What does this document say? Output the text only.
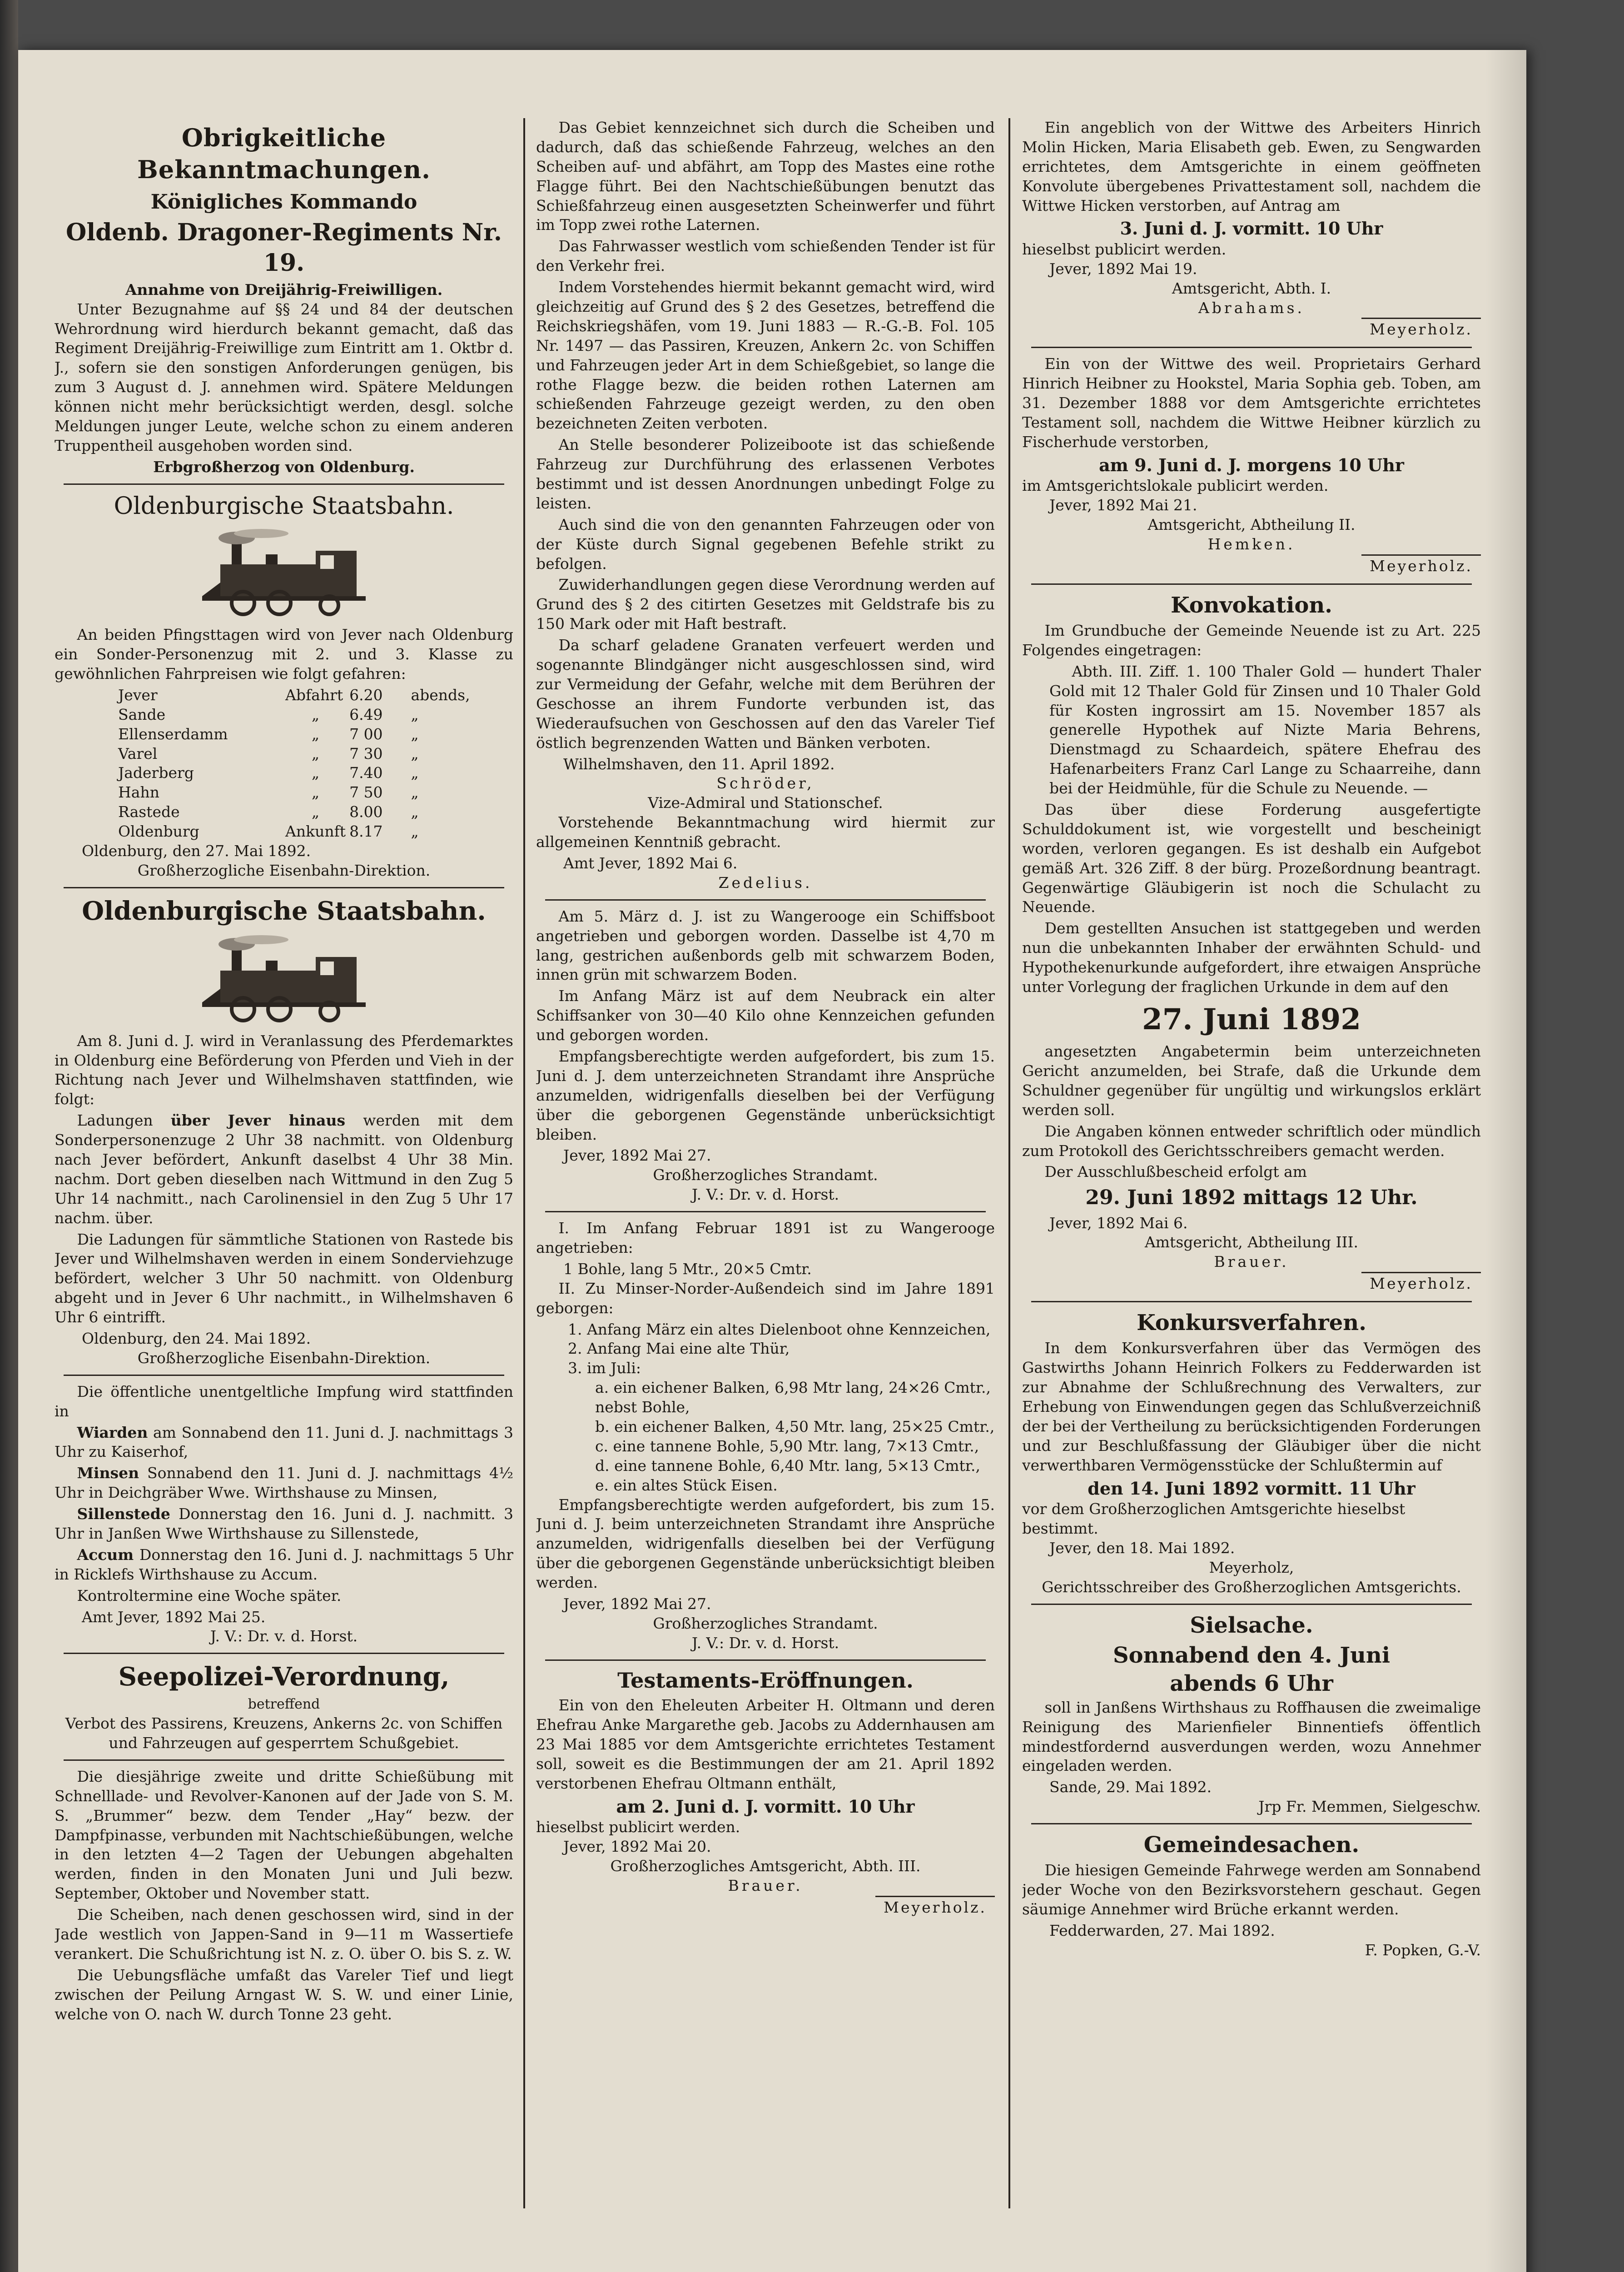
Obrigkeitliche Bekanntmachungen.
Königliches Kommando
Oldenb. Dragoner-Regiments Nr. 19.
Annahme von Dreijährig-Freiwilligen.
Unter Bezugnahme auf §§ 24 und 84 der deutschen Wehrordnung wird hierdurch bekannt gemacht, daß das Regiment Dreijährig-Freiwillige zum Eintritt am 1. Oktbr d. J., sofern sie den sonstigen Anforderungen genügen, bis zum 3 August d. J. annehmen wird. Spätere Meldungen können nicht mehr berücksichtigt werden, desgl. solche Meldungen junger Leute, welche schon zu einem anderen Truppentheil ausgehoben worden sind.
Erbgroßherzog von Oldenburg.
Oldenburgische Staatsbahn.
An beiden Pfingsttagen wird von Jever nach Oldenburg ein Sonder-Personenzug mit 2. und 3. Klasse zu gewöhnlichen Fahrpreisen wie folgt gefahren:
Jever	Abfahrt	6.20	abends,
Sande	„	6.49	„
Ellenserdamm	„	7 00	„
Varel	„	7 30	„
Jaderberg	„	7.40	„
Hahn	„	7 50	„
Rastede	„	8.00	„
Oldenburg	Ankunft	8.17	„
Oldenburg, den 27. Mai 1892.
Großherzogliche Eisenbahn-Direktion.
Oldenburgische Staatsbahn.
Am 8. Juni d. J. wird in Veranlassung des Pferdemarktes in Oldenburg eine Beförderung von Pferden und Vieh in der Richtung nach Jever und Wilhelmshaven stattfinden, wie folgt:
Ladungen über Jever hinaus werden mit dem Sonderpersonenzuge 2 Uhr 38 nachmitt. von Oldenburg nach Jever befördert, Ankunft daselbst 4 Uhr 38 Min. nachm. Dort geben dieselben nach Wittmund in den Zug 5 Uhr 14 nachmitt., nach Carolinensiel in den Zug 5 Uhr 17 nachm. über.
Die Ladungen für sämmtliche Stationen von Rastede bis Jever und Wilhelmshaven werden in einem Sonderviehzuge befördert, welcher 3 Uhr 50 nachmitt. von Oldenburg abgeht und in Jever 6 Uhr nachmitt., in Wilhelmshaven 6 Uhr 6 eintrifft.
Oldenburg, den 24. Mai 1892.
Großherzogliche Eisenbahn-Direktion.
Die öffentliche unentgeltliche Impfung wird stattfinden in
Wiarden am Sonnabend den 11. Juni d. J. nachmittags 3 Uhr zu Kaiserhof,
Minsen Sonnabend den 11. Juni d. J. nachmittags 4½ Uhr in Deichgräber Wwe. Wirthshause zu Minsen,
Sillenstede Donnerstag den 16. Juni d. J. nachmitt. 3 Uhr in Janßen Wwe Wirthshause zu Sillenstede,
Accum Donnerstag den 16. Juni d. J. nachmittags 5 Uhr in Ricklefs Wirthshause zu Accum.
Kontroltermine eine Woche später.
Amt Jever, 1892 Mai 25.
J. V.: Dr. v. d. Horst.
Seepolizei-Verordnung,
betreffend
Verbot des Passirens, Kreuzens, Ankerns 2c. von Schiffen und Fahrzeugen auf gesperrtem Schußgebiet.
Die diesjährige zweite und dritte Schießübung mit Schnelllade- und Revolver-Kanonen auf der Jade von S. M. S. „Brummer“ bezw. dem Tender „Hay“ bezw. der Dampfpinasse, verbunden mit Nachtschießübungen, welche in den letzten 4—2 Tagen der Uebungen abgehalten werden, finden in den Monaten Juni und Juli bezw. September, Oktober und November statt.
Die Scheiben, nach denen geschossen wird, sind in der Jade westlich von Jappen-Sand in 9—11 m Wassertiefe verankert. Die Schußrichtung ist N. z. O. über O. bis S. z. W.
Die Uebungsfläche umfaßt das Vareler Tief und liegt zwischen der Peilung Arngast W. S. W. und einer Linie, welche von O. nach W. durch Tonne 23 geht.
Das Gebiet kennzeichnet sich durch die Scheiben und dadurch, daß das schießende Fahrzeug, welches an den Scheiben auf- und abfährt, am Topp des Mastes eine rothe Flagge führt. Bei den Nachtschießübungen benutzt das Schießfahrzeug einen ausgesetzten Scheinwerfer und führt im Topp zwei rothe Laternen.
Das Fahrwasser westlich vom schießenden Tender ist für den Verkehr frei.
Indem Vorstehendes hiermit bekannt gemacht wird, wird gleichzeitig auf Grund des § 2 des Gesetzes, betreffend die Reichskriegshäfen, vom 19. Juni 1883 — R.-G.-B. Fol. 105 Nr. 1497 — das Passiren, Kreuzen, Ankern 2c. von Schiffen und Fahrzeugen jeder Art in dem Schießgebiet, so lange die rothe Flagge bezw. die beiden rothen Laternen am schießenden Fahrzeuge gezeigt werden, zu den oben bezeichneten Zeiten verboten.
An Stelle besonderer Polizeiboote ist das schießende Fahrzeug zur Durchführung des erlassenen Verbotes bestimmt und ist dessen Anordnungen unbedingt Folge zu leisten.
Auch sind die von den genannten Fahrzeugen oder von der Küste durch Signal gegebenen Befehle strikt zu befolgen.
Zuwiderhandlungen gegen diese Verordnung werden auf Grund des § 2 des citirten Gesetzes mit Geldstrafe bis zu 150 Mark oder mit Haft bestraft.
Da scharf geladene Granaten verfeuert werden und sogenannte Blindgänger nicht ausgeschlossen sind, wird zur Vermeidung der Gefahr, welche mit dem Berühren der Geschosse an ihrem Fundorte verbunden ist, das Wiederaufsuchen von Geschossen auf den das Vareler Tief östlich begrenzenden Watten und Bänken verboten.
Wilhelmshaven, den 11. April 1892.
Schröder,
Vize-Admiral und Stationschef.
Vorstehende Bekanntmachung wird hiermit zur allgemeinen Kenntniß gebracht.
Amt Jever, 1892 Mai 6.
Zedelius.
Am 5. März d. J. ist zu Wangerooge ein Schiffsboot angetrieben und geborgen worden. Dasselbe ist 4,70 m lang, gestrichen außenbords gelb mit schwarzem Boden, innen grün mit schwarzem Boden.
Im Anfang März ist auf dem Neubrack ein alter Schiffsanker von 30—40 Kilo ohne Kennzeichen gefunden und geborgen worden.
Empfangsberechtigte werden aufgefordert, bis zum 15. Juni d. J. dem unterzeichneten Strandamt ihre Ansprüche anzumelden, widrigenfalls dieselben bei der Verfügung über die geborgenen Gegenstände unberücksichtigt bleiben.
Jever, 1892 Mai 27.
Großherzogliches Strandamt.
J. V.: Dr. v. d. Horst.
I. Im Anfang Februar 1891 ist zu Wangerooge angetrieben:
1 Bohle, lang 5 Mtr., 20×5 Cmtr.
II. Zu Minser-Norder-Außendeich sind im Jahre 1891 geborgen:
1. Anfang März ein altes Dielenboot ohne Kennzeichen,
2. Anfang Mai eine alte Thür,
3. im Juli:
a. ein eichener Balken, 6,98 Mtr lang, 24×26 Cmtr., nebst Bohle,
b. ein eichener Balken, 4,50 Mtr. lang, 25×25 Cmtr.,
c. eine tannene Bohle, 5,90 Mtr. lang, 7×13 Cmtr.,
d. eine tannene Bohle, 6,40 Mtr. lang, 5×13 Cmtr.,
e. ein altes Stück Eisen.
Empfangsberechtigte werden aufgefordert, bis zum 15. Juni d. J. beim unterzeichneten Strandamt ihre Ansprüche anzumelden, widrigenfalls dieselben bei der Verfügung über die geborgenen Gegenstände unberücksichtigt bleiben werden.
Jever, 1892 Mai 27.
Großherzogliches Strandamt.
J. V.: Dr. v. d. Horst.
Testaments-Eröffnungen.
Ein von den Eheleuten Arbeiter H. Oltmann und deren Ehefrau Anke Margarethe geb. Jacobs zu Addernhausen am 23 Mai 1885 vor dem Amtsgerichte errichtetes Testament soll, soweit es die Bestimmungen der am 21. April 1892 verstorbenen Ehefrau Oltmann enthält,
am 2. Juni d. J. vormitt. 10 Uhr
hieselbst publicirt werden.
Jever, 1892 Mai 20.
Großherzogliches Amtsgericht, Abth. III.
Brauer.
Meyerholz.
Ein angeblich von der Wittwe des Arbeiters Hinrich Molin Hicken, Maria Elisabeth geb. Ewen, zu Sengwarden errichtetes, dem Amtsgerichte in einem geöffneten Konvolute übergebenes Privattestament soll, nachdem die Wittwe Hicken verstorben, auf Antrag am
3. Juni d. J. vormitt. 10 Uhr
hieselbst publicirt werden.
Jever, 1892 Mai 19.
Amtsgericht, Abth. I.
Abrahams.
Meyerholz.
Ein von der Wittwe des weil. Proprietairs Gerhard Hinrich Heibner zu Hookstel, Maria Sophia geb. Toben, am 31. Dezember 1888 vor dem Amtsgerichte errichtetes Testament soll, nachdem die Wittwe Heibner kürzlich zu Fischerhude verstorben,
am 9. Juni d. J. morgens 10 Uhr
im Amtsgerichtslokale publicirt werden.
Jever, 1892 Mai 21.
Amtsgericht, Abtheilung II.
Hemken.
Meyerholz.
Konvokation.
Im Grundbuche der Gemeinde Neuende ist zu Art. 225 Folgendes eingetragen:
Abth. III. Ziff. 1. 100 Thaler Gold — hundert Thaler Gold mit 12 Thaler Gold für Zinsen und 10 Thaler Gold für Kosten ingrossirt am 15. November 1857 als generelle Hypothek auf Nizte Maria Behrens, Dienstmagd zu Schaardeich, spätere Ehefrau des Hafenarbeiters Franz Carl Lange zu Schaarreihe, dann bei der Heidmühle, für die Schule zu Neuende. —
Das über diese Forderung ausgefertigte Schulddokument ist, wie vorgestellt und bescheinigt worden, verloren gegangen. Es ist deshalb ein Aufgebot gemäß Art. 326 Ziff. 8 der bürg. Prozeßordnung beantragt. Gegenwärtige Gläubigerin ist noch die Schulacht zu Neuende.
Dem gestellten Ansuchen ist stattgegeben und werden nun die unbekannten Inhaber der erwähnten Schuld- und Hypothekenurkunde aufgefordert, ihre etwaigen Ansprüche unter Vorlegung der fraglichen Urkunde in dem auf den
27. Juni 1892
angesetzten Angabetermin beim unterzeichneten Gericht anzumelden, bei Strafe, daß die Urkunde dem Schuldner gegenüber für ungültig und wirkungslos erklärt werden soll.
Die Angaben können entweder schriftlich oder mündlich zum Protokoll des Gerichtsschreibers gemacht werden.
Der Ausschlußbescheid erfolgt am
29. Juni 1892 mittags 12 Uhr.
Jever, 1892 Mai 6.
Amtsgericht, Abtheilung III.
Brauer.
Meyerholz.
Konkursverfahren.
In dem Konkursverfahren über das Vermögen des Gastwirths Johann Heinrich Folkers zu Fedderwarden ist zur Abnahme der Schlußrechnung des Verwalters, zur Erhebung von Einwendungen gegen das Schlußverzeichniß der bei der Vertheilung zu berücksichtigenden Forderungen und zur Beschlußfassung der Gläubiger über die nicht verwerthbaren Vermögensstücke der Schlußtermin auf
den 14. Juni 1892 vormitt. 11 Uhr
vor dem Großherzoglichen Amtsgerichte hieselbst bestimmt.
Jever, den 18. Mai 1892.
Meyerholz,
Gerichtsschreiber des Großherzoglichen Amtsgerichts.
Sielsache.
Sonnabend den 4. Juni
abends 6 Uhr
soll in Janßens Wirthshaus zu Roffhausen die zweimalige Reinigung des Marienfieler Binnentiefs öffentlich mindestfordernd ausverdungen werden, wozu Annehmer eingeladen werden.
Sande, 29. Mai 1892.
Jrp Fr. Memmen, Sielgeschw.
Gemeindesachen.
Die hiesigen Gemeinde Fahrwege werden am Sonnabend jeder Woche von den Bezirksvorstehern geschaut. Gegen säumige Annehmer wird Brüche erkannt werden.
Fedderwarden, 27. Mai 1892.
F. Popken, G.-V.
